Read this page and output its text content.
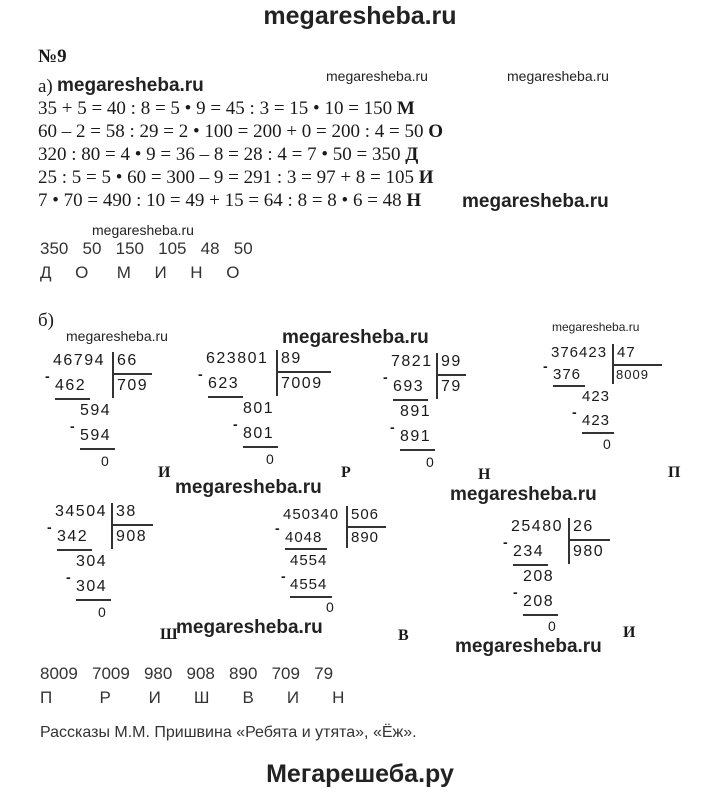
megaresheba.ru
№9
а) megaresheba.ru	megaresheba.ru	megaresheba.ru
35 + 5 = 40 : 8 = 5 • 9 = 45 : 3 = 15 • 10 = 150 М
60 – 2 = 58 : 29 = 2 • 100 = 200 + 0 = 200 : 4 = 50 О
320 : 80 = 4 • 9 = 36 – 8 = 28 : 4 = 7 • 50 = 350 Д
25 : 5 = 5 • 60 = 300 – 9 = 291 : 3 = 97 + 8 = 105 И
7 • 70 = 490 : 10 = 49 + 15 = 64 : 8 = 8 • 6 = 48 Н megaresheba.ru
megaresheba.ru
350   50   150   105   48   50
Д     О      М     И     Н     О
б)
megaresheba.ru	megaresheba.ru	megaresheba.ru
46794 66
709
-
462
594
-
594
0
И
623801 89
7009
-
623
801
-
801
0
Р
7821 99
79
-
693
891
-
891
0
Н
376423 47
8009
- 376
423
- 423
0
П
megaresheba.ru	megaresheba.ru
34504 38
908
-
342
304
-
304
0
Ш
450340 506
890
-
4048
4554
- 4554
0
В
25480 26
980
-
234
208
-
208
0	И
megaresheba.ru
megaresheba.ru
8009   7009   980   908   890   709   79
П          Р        И       Ш       В       И       Н
Рассказы М.М. Пришвина «Ребята и утята», «Ёж».
Мегарешеба.ру
